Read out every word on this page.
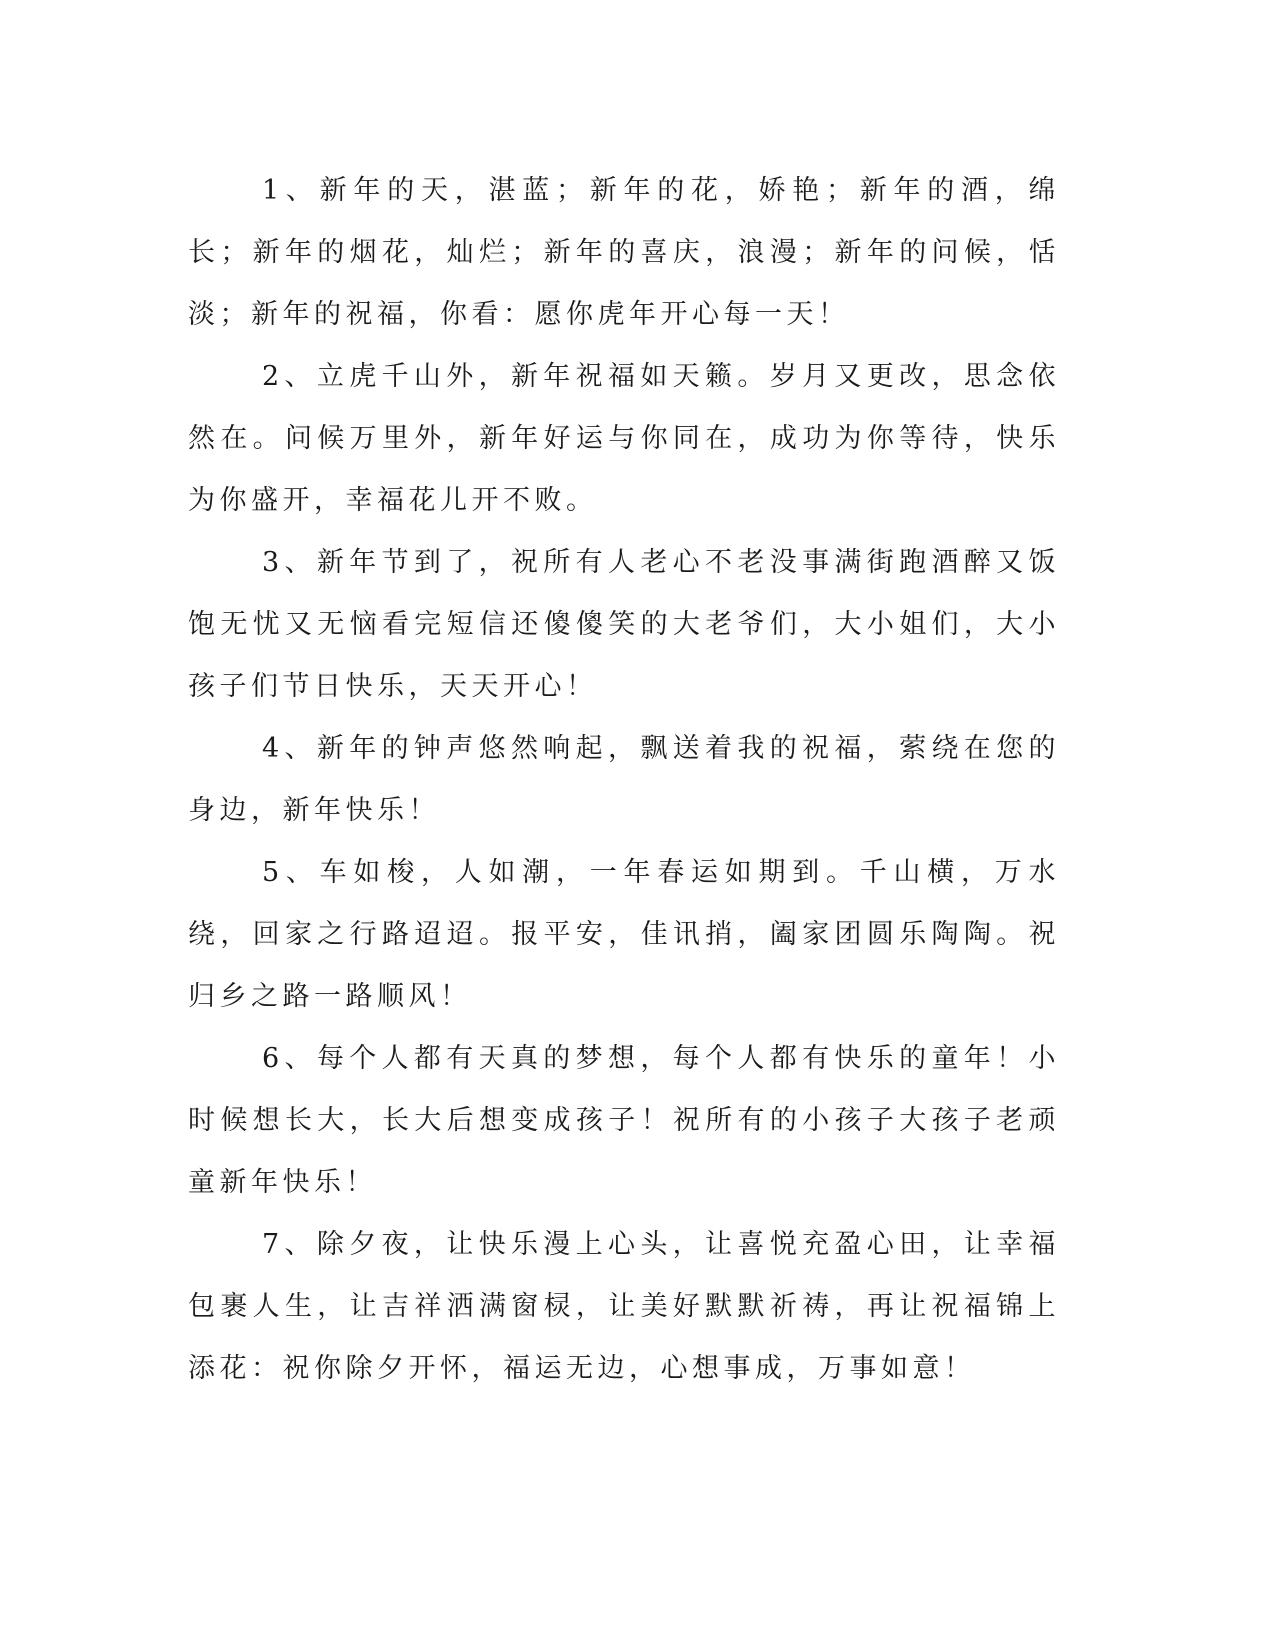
1、新年的天，湛蓝；新年的花，娇艳；新年的酒，绵长；新年的烟花，灿烂；新年的喜庆，浪漫；新年的问候，恬淡；新年的祝福，你看：愿你虎年开心每一天！

2、立虎千山外，新年祝福如天籁。岁月又更改，思念依然在。问候万里外，新年好运与你同在，成功为你等待，快乐为你盛开，幸福花儿开不败。

3、新年节到了，祝所有人老心不老没事满街跑酒醉又饭饱无忧又无恼看完短信还傻傻笑的大老爷们，大小姐们，大小孩子们节日快乐，天天开心！

4、新年的钟声悠然响起，飘送着我的祝福，萦绕在您的身边，新年快乐！

5、车如梭，人如潮，一年春运如期到。千山横，万水绕，回家之行路迢迢。报平安，佳讯捎，阖家团圆乐陶陶。祝归乡之路一路顺风！

6、每个人都有天真的梦想，每个人都有快乐的童年！小时候想长大，长大后想变成孩子！祝所有的小孩子大孩子老顽童新年快乐！

7、除夕夜，让快乐漫上心头，让喜悦充盈心田，让幸福包裹人生，让吉祥洒满窗棂，让美好默默祈祷，再让祝福锦上添花：祝你除夕开怀，福运无边，心想事成，万事如意！
